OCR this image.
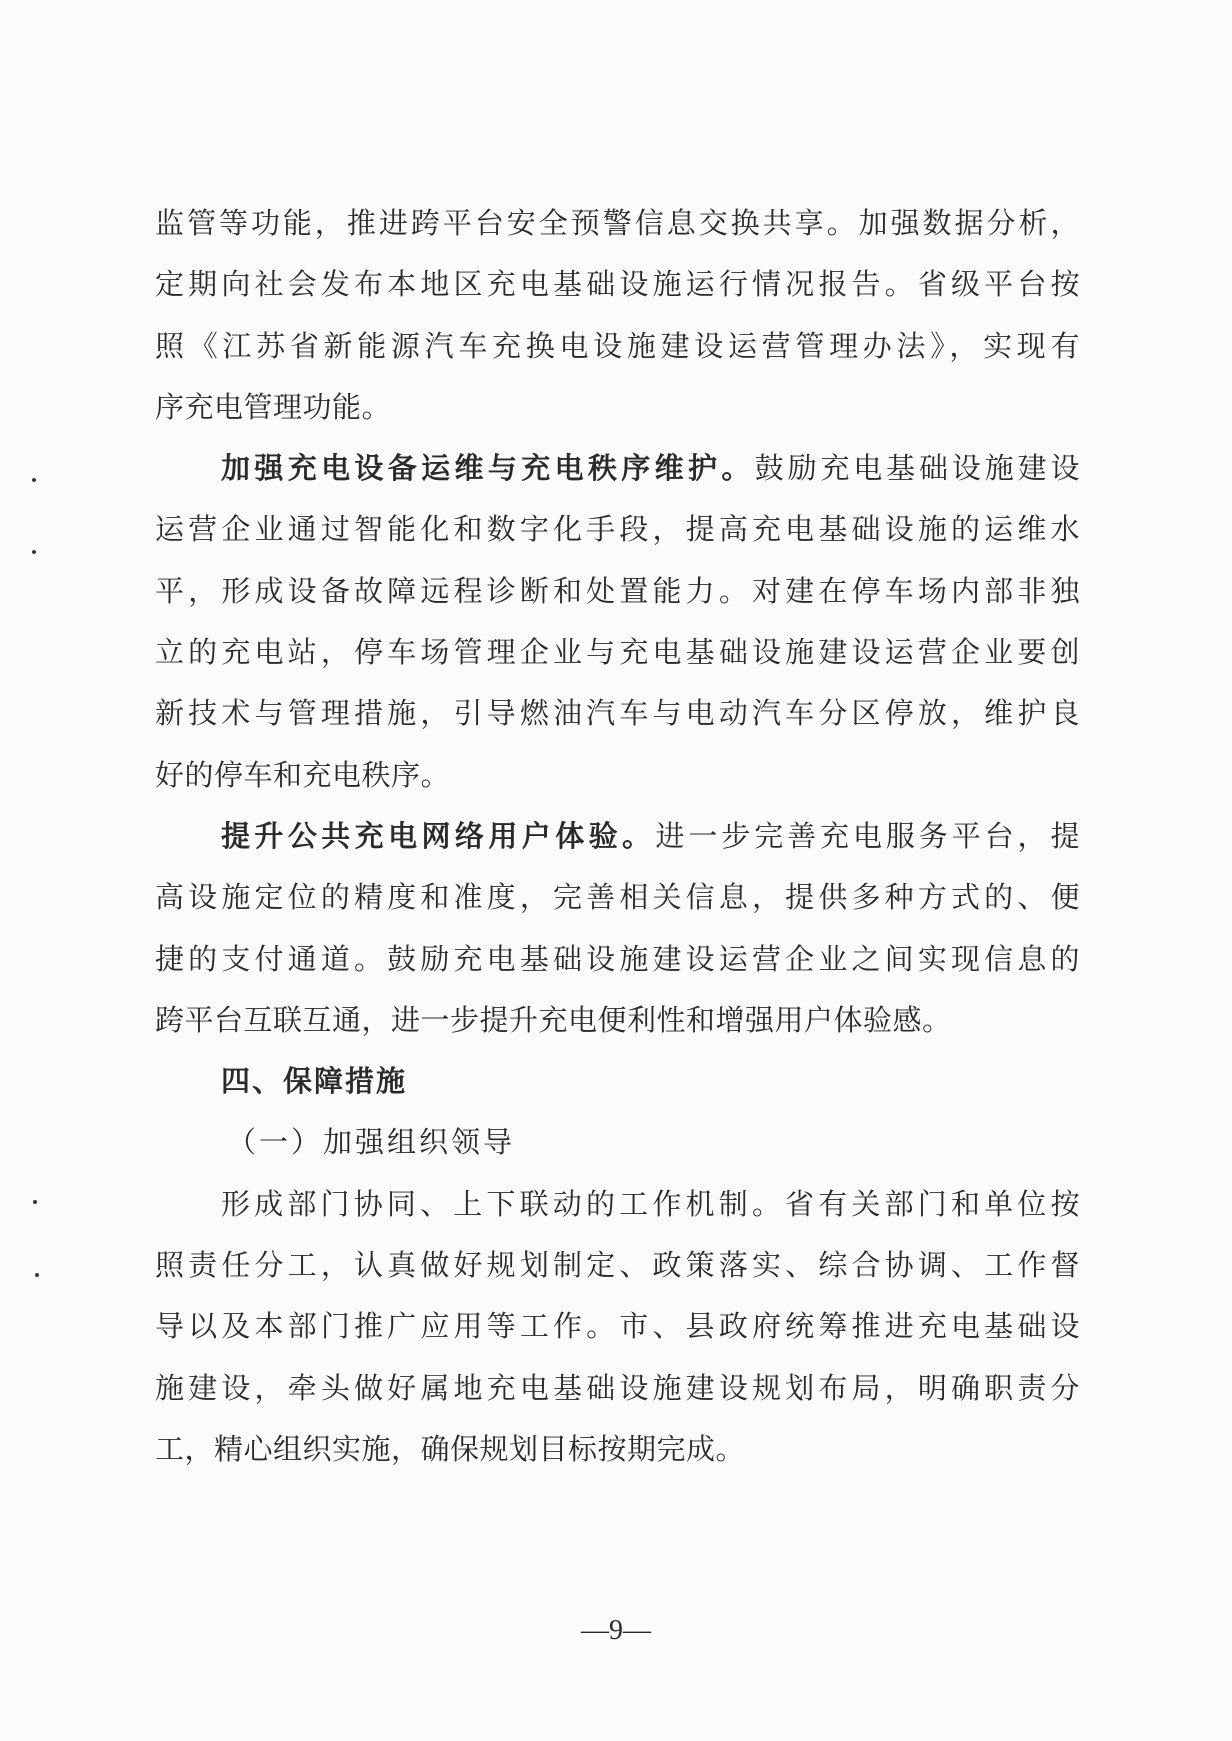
监管等功能，推进跨平台安全预警信息交换共享。加强数据分析，
定期向社会发布本地区充电基础设施运行情况报告。省级平台按
照《江苏省新能源汽车充换电设施建设运营管理办法》，实现有
序充电管理功能。
加强充电设备运维与充电秩序维护。鼓励充电基础设施建设
运营企业通过智能化和数字化手段，提高充电基础设施的运维水
平，形成设备故障远程诊断和处置能力。对建在停车场内部非独
立的充电站，停车场管理企业与充电基础设施建设运营企业要创
新技术与管理措施，引导燃油汽车与电动汽车分区停放，维护良
好的停车和充电秩序。
提升公共充电网络用户体验。进一步完善充电服务平台，提
高设施定位的精度和准度，完善相关信息，提供多种方式的、便
捷的支付通道。鼓励充电基础设施建设运营企业之间实现信息的
跨平台互联互通，进一步提升充电便利性和增强用户体验感。
四、保障措施
（一）加强组织领导
形成部门协同、上下联动的工作机制。省有关部门和单位按
照责任分工，认真做好规划制定、政策落实、综合协调、工作督
导以及本部门推广应用等工作。市、县政府统筹推进充电基础设
施建设，牵头做好属地充电基础设施建设规划布局，明确职责分
工，精心组织实施，确保规划目标按期完成。
—9—
